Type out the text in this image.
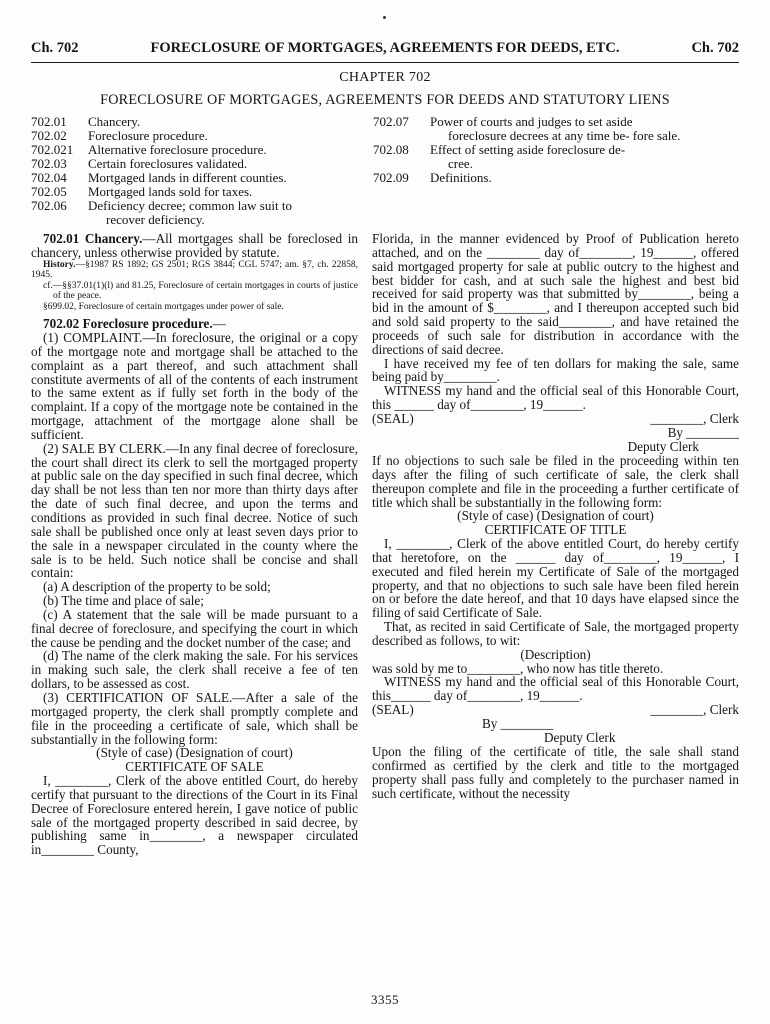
Ch. 702	FORECLOSURE OF MORTGAGES, AGREEMENTS FOR DEEDS, ETC.	Ch. 702
CHAPTER 702
FORECLOSURE OF MORTGAGES, AGREEMENTS FOR DEEDS AND STATUTORY LIENS
702.01	Chancery.
702.02	Foreclosure procedure.
702.021	Alternative foreclosure procedure.
702.03	Certain foreclosures validated.
702.04	Mortgaged lands in different counties.
702.05	Mortgaged lands sold for taxes.
702.06	Deficiency decree; common law suit to
recover deficiency.
702.07	Power of courts and judges to set aside
foreclosure decrees at any time be- fore sale.
702.08	Effect of setting aside foreclosure de-
cree.
702.09	Definitions.

702.01 Chancery.—All mortgages shall be foreclosed in chancery, unless otherwise provided by statute.

History.—§1987 RS 1892; GS 2501; RGS 3844; CGL 5747; am. §7, ch. 22858, 1945.
cf.—§§37.01(1)(l) and 81.25, Foreclosure of certain mortgages in courts of justice of the peace.
§699.02, Foreclosure of certain mortgages under power of sale.

702.02 Foreclosure procedure.—

(1) COMPLAINT.—In foreclosure, the original or a copy of the mortgage note and mortgage shall be attached to the complaint as a part thereof, and such attachment shall constitute averments of all of the contents of each instrument to the same extent as if fully set forth in the body of the complaint. If a copy of the mortgage note be contained in the mortgage, attachment of the mortgage alone shall be sufficient.

(2) SALE BY CLERK.—In any final decree of foreclosure, the court shall direct its clerk to sell the mortgaged property at public sale on the day specified in such final decree, which day shall be not less than ten nor more than thirty days after the date of such final decree, and upon the terms and conditions as provided in such final decree. Notice of such sale shall be published once only at least seven days prior to the sale in a newspaper circulated in the county where the sale is to be held. Such notice shall be concise and shall contain:

(a) A description of the property to be sold;

(b) The time and place of sale;

(c) A statement that the sale will be made pursuant to a final decree of foreclosure, and specifying the court in which the cause be pending and the docket number of the case; and

(d) The name of the clerk making the sale. For his services in making such sale, the clerk shall receive a fee of ten dollars, to be assessed as cost.

(3) CERTIFICATION OF SALE.—After a sale of the mortgaged property, the clerk shall promptly complete and file in the proceeding a certificate of sale, which shall be substantially in the following form:

(Style of case) (Designation of court)

CERTIFICATE OF SALE

I, ________, Clerk of the above entitled Court, do hereby certify that pursuant to the directions of the Court in its Final Decree of Foreclosure entered herein, I gave notice of public sale of the mortgaged property described in said decree, by publishing same in________, a newspaper circulated in________ County,

Florida, in the manner evidenced by Proof of Publication hereto attached, and on the ________ day of________, 19______, offered said mortgaged property for sale at public outcry to the highest and best bidder for cash, and at such sale the highest and best bid received for said property was that submitted by________, being a bid in the amount of $________, and I thereupon accepted such bid and sold said property to the said________, and have retained the proceeds of such sale for distribution in accordance with the directions of said decree.

I have received my fee of ten dollars for making the sale, same being paid by________.

WITNESS my hand and the official seal of this Honorable Court, this ______ day of________, 19______.

(SEAL)	________, Clerk
By ________
Deputy Clerk

If no objections to such sale be filed in the proceeding within ten days after the filing of such certificate of sale, the clerk shall thereupon complete and file in the proceeding a further certificate of title which shall be substantially in the following form:

(Style of case) (Designation of court)

CERTIFICATE OF TITLE

I, ________, Clerk of the above entitled Court, do hereby certify that heretofore, on the ______ day of________, 19______, I executed and filed herein my Certificate of Sale of the mortgaged property, and that no objections to such sale have been filed herein on or before the date hereof, and that 10 days have elapsed since the filing of said Certificate of Sale.

That, as recited in said Certificate of Sale, the mortgaged property described as follows, to wit:

(Description)

was sold by me to________, who now has title thereto.

WITNESS my hand and the official seal of this Honorable Court, this______ day of________, 19______.

(SEAL)	________, Clerk
By ________
Deputy Clerk

Upon the filing of the certificate of title, the sale shall stand confirmed as certified by the clerk and title to the mortgaged property shall pass fully and completely to the purchaser named in such certificate, without the necessity

3355
